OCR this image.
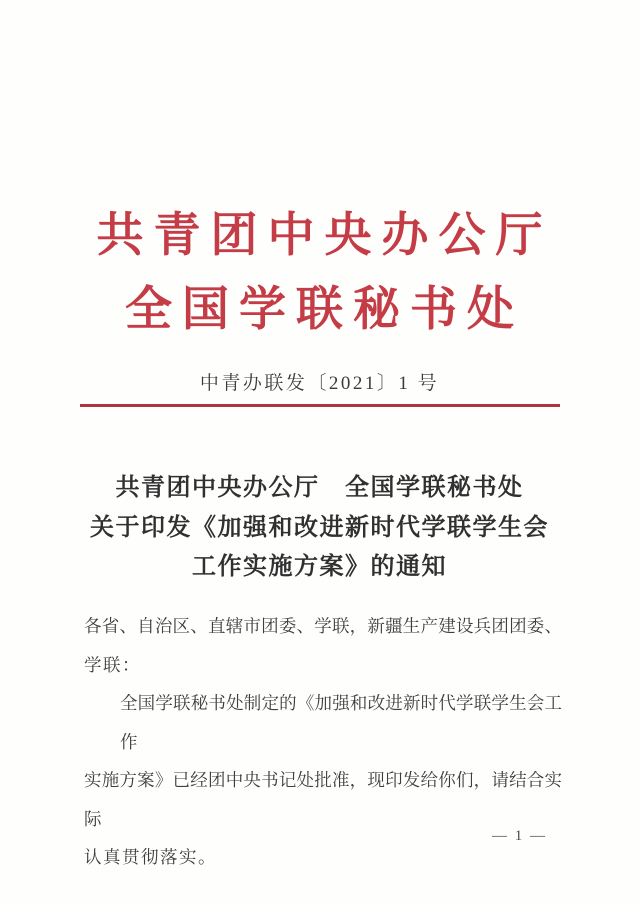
共青团中央办公厅
全国学联秘书处
中青办联发〔2021〕1 号
共青团中央办公厅　全国学联秘书处
关于印发《加强和改进新时代学联学生会
工作实施方案》的通知
各省、自治区、直辖市团委、学联，新疆生产建设兵团团委、
学联：
全国学联秘书处制定的《加强和改进新时代学联学生会工作
实施方案》已经团中央书记处批准，现印发给你们，请结合实际
认真贯彻落实。
— 1 —
